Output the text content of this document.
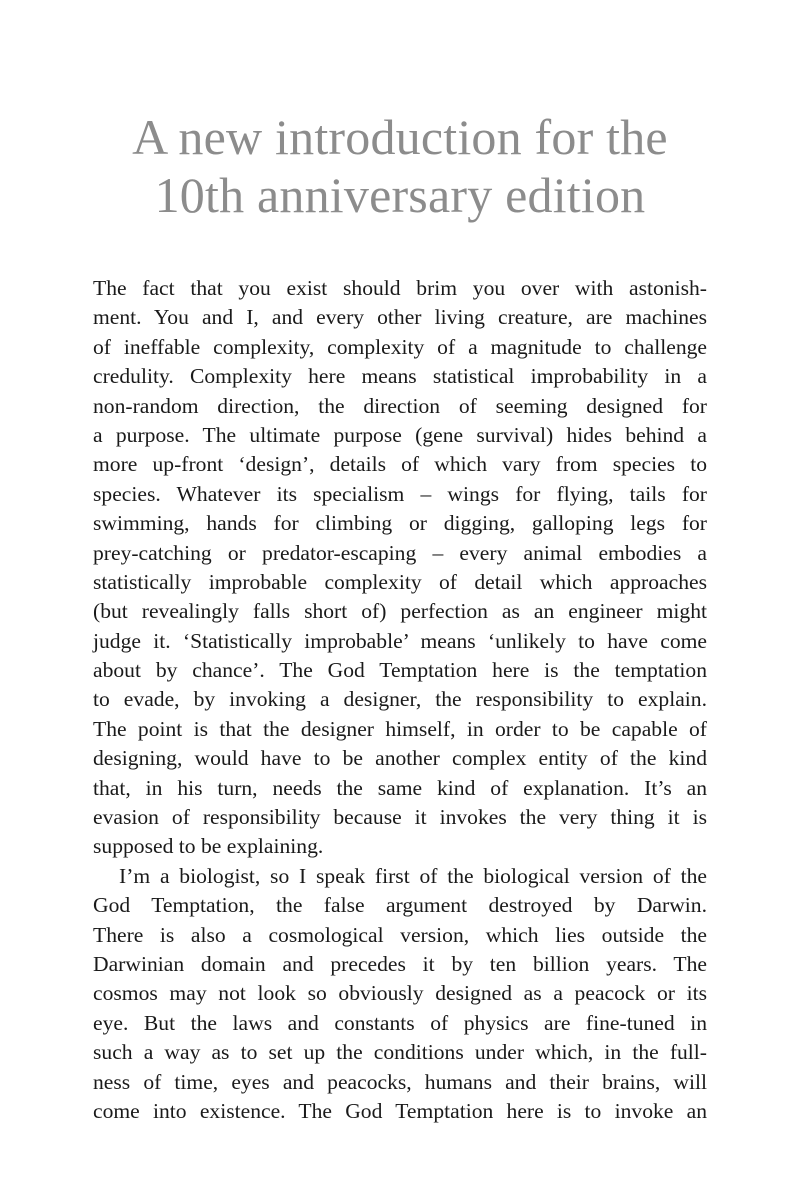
A new introduction for the
10th anniversary edition

The fact that you exist should brim you over with astonish-
ment. You and I, and every other living creature, are machines
of ineffable complexity, complexity of a magnitude to challenge
credulity. Complexity here means statistical improbability in a
non-random direction, the direction of seeming designed for
a purpose. The ultimate purpose (gene survival) hides behind a
more up-front ‘design’, details of which vary from species to
species. Whatever its specialism – wings for flying, tails for
swimming, hands for climbing or digging, galloping legs for
prey-catching or predator-escaping – every animal embodies a
statistically improbable complexity of detail which approaches
(but revealingly falls short of) perfection as an engineer might
judge it. ‘Statistically improbable’ means ‘unlikely to have come
about by chance’. The God Temptation here is the temptation
to evade, by invoking a designer, the responsibility to explain.
The point is that the designer himself, in order to be capable of
designing, would have to be another complex entity of the kind
that, in his turn, needs the same kind of explanation. It’s an
evasion of responsibility because it invokes the very thing it is
supposed to be explaining.

I’m a biologist, so I speak first of the biological version of the
God Temptation, the false argument destroyed by Darwin.
There is also a cosmological version, which lies outside the
Darwinian domain and precedes it by ten billion years. The
cosmos may not look so obviously designed as a peacock or its
eye. But the laws and constants of physics are fine-tuned in
such a way as to set up the conditions under which, in the full-
ness of time, eyes and peacocks, humans and their brains, will
come into existence. The God Temptation here is to invoke an
